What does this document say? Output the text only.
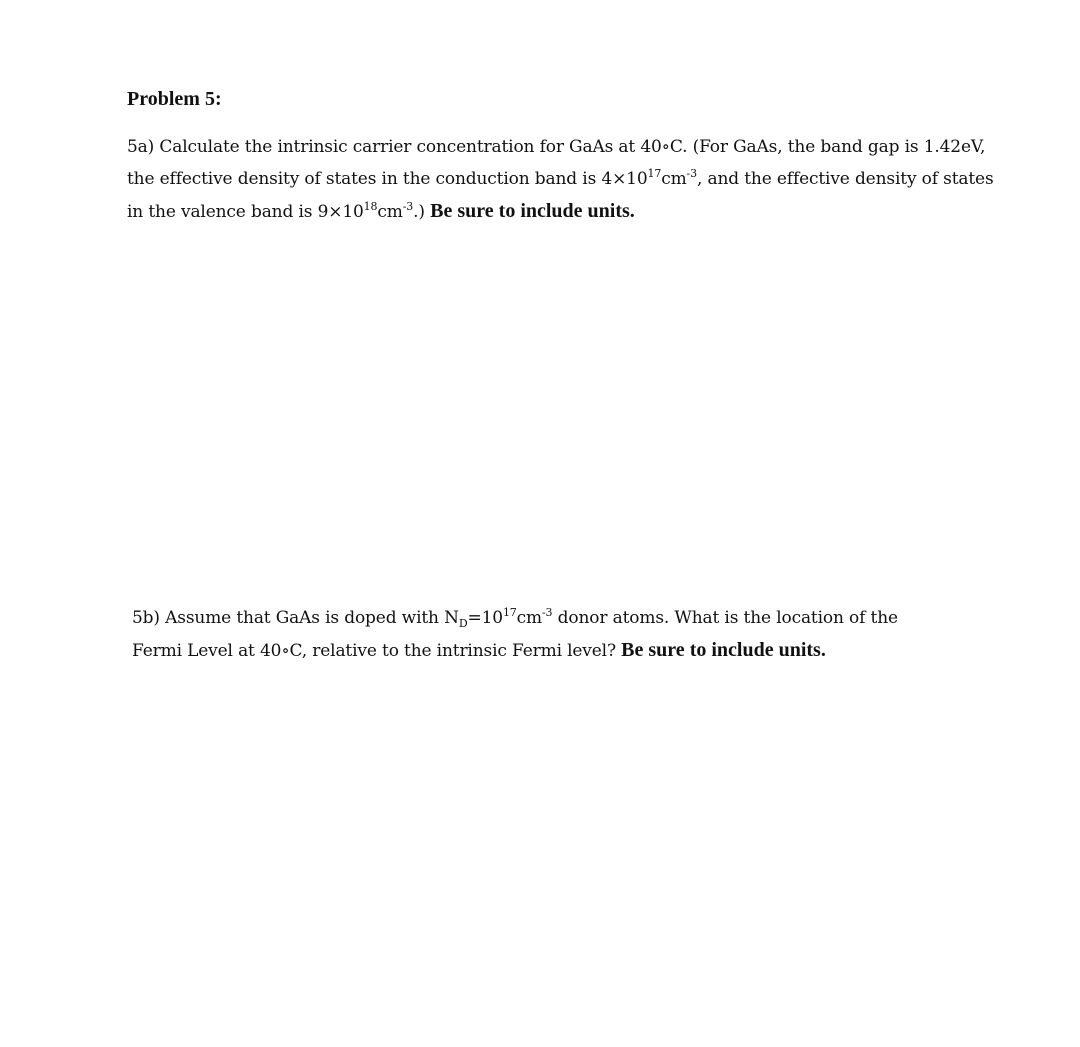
Problem 5:

5a) Calculate the intrinsic carrier concentration for GaAs at 40∘C. (For GaAs, the band gap is 1.42eV,
the effective density of states in the conduction band is $4\times 10^{17}cm^{-3}$, and the effective density of states
in the valence band is $9\times 10^{18}cm^{-3}$.) Be sure to include units.

5b) Assume that GaAs is doped with $N_D=10^{17}cm^{-3}$ donor atoms. What is the location of the
Fermi Level at 40∘C, relative to the intrinsic Fermi level? Be sure to include units.
